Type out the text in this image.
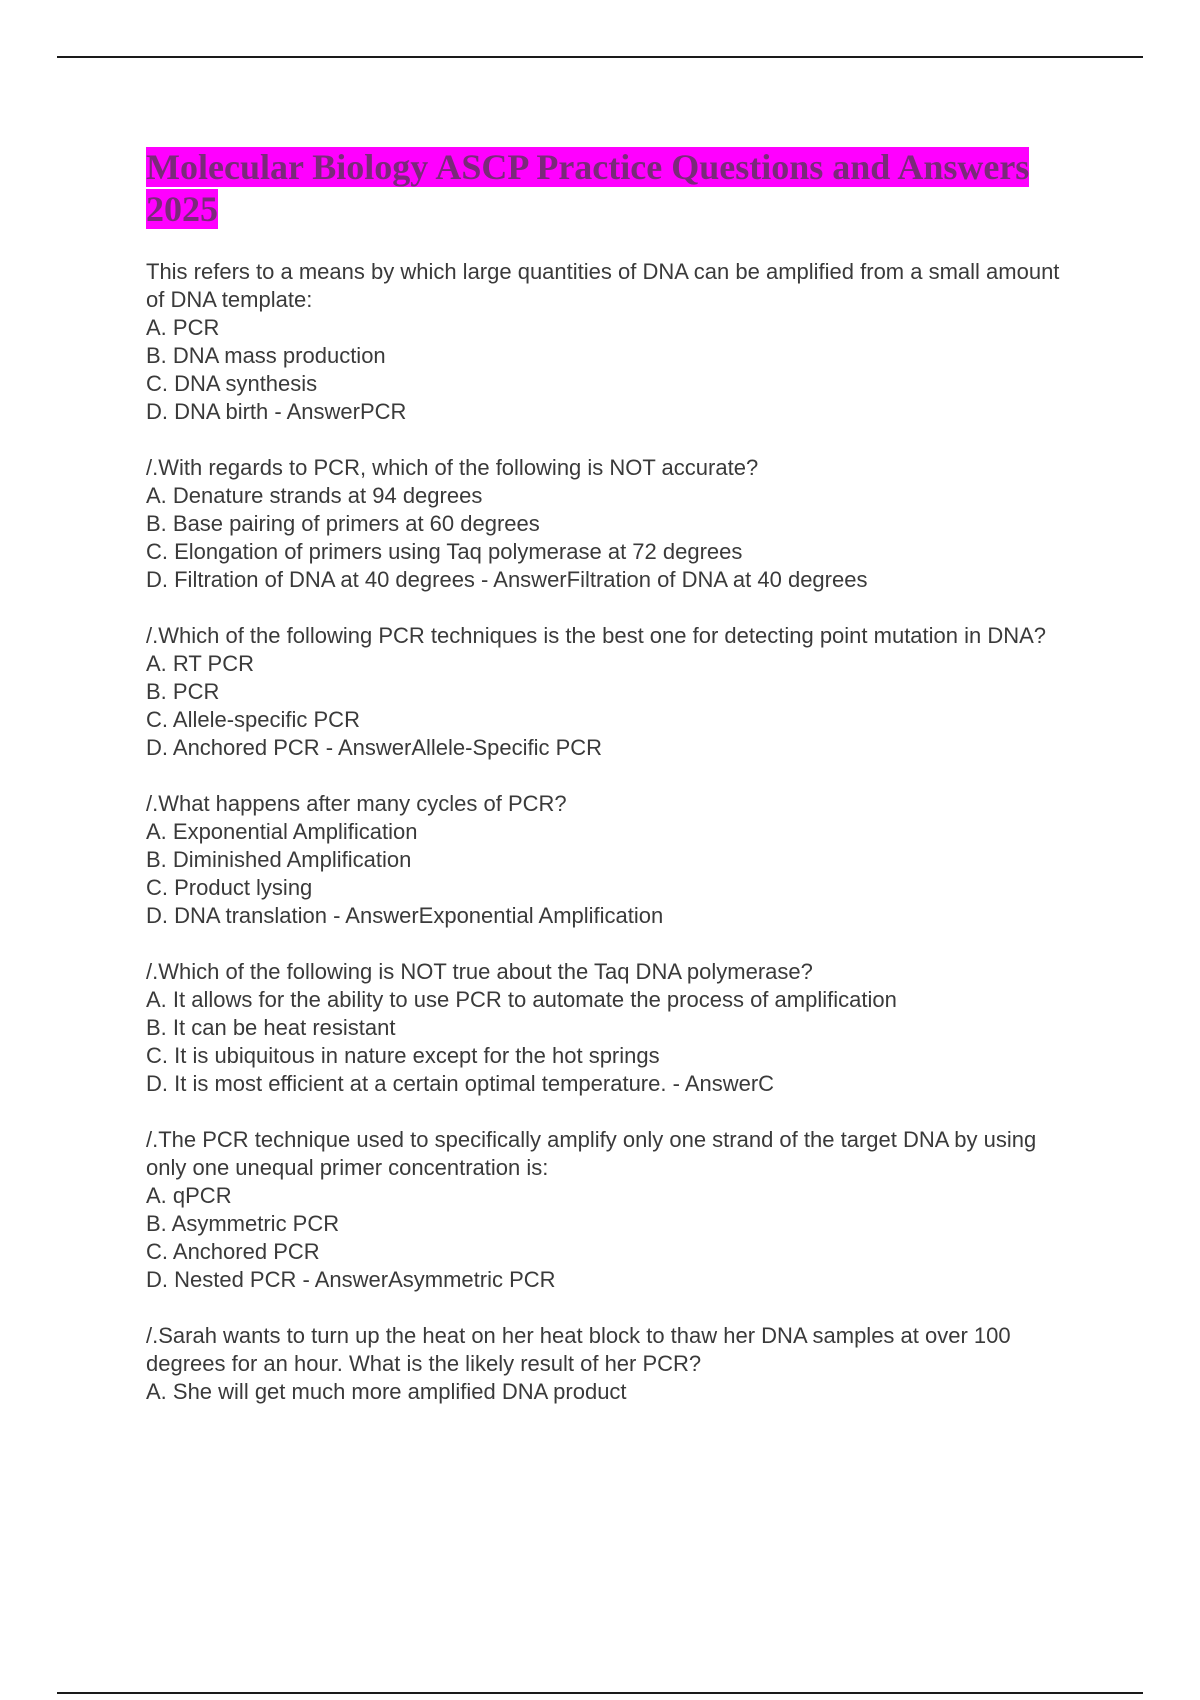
Molecular Biology ASCP Practice Questions and Answers 2025
This refers to a means by which large quantities of DNA can be amplified from a small amount of DNA template:
A. PCR
B. DNA mass production
C. DNA synthesis
D. DNA birth - AnswerPCR
/.With regards to PCR, which of the following is NOT accurate?
A. Denature strands at 94 degrees
B. Base pairing of primers at 60 degrees
C. Elongation of primers using Taq polymerase at 72 degrees
D. Filtration of DNA at 40 degrees - AnswerFiltration of DNA at 40 degrees
/.Which of the following PCR techniques is the best one for detecting point mutation in DNA?
A. RT PCR
B. PCR
C. Allele-specific PCR
D. Anchored PCR - AnswerAllele-Specific PCR
/.What happens after many cycles of PCR?
A. Exponential Amplification
B. Diminished Amplification
C. Product lysing
D. DNA translation - AnswerExponential Amplification
/.Which of the following is NOT true about the Taq DNA polymerase?
A. It allows for the ability to use PCR to automate the process of amplification
B. It can be heat resistant
C. It is ubiquitous in nature except for the hot springs
D. It is most efficient at a certain optimal temperature. - AnswerC
/.The PCR technique used to specifically amplify only one strand of the target DNA by using only one unequal primer concentration is:
A. qPCR
B. Asymmetric PCR
C. Anchored PCR
D. Nested PCR - AnswerAsymmetric PCR
/.Sarah wants to turn up the heat on her heat block to thaw her DNA samples at over 100 degrees for an hour. What is the likely result of her PCR?
A. She will get much more amplified DNA product
